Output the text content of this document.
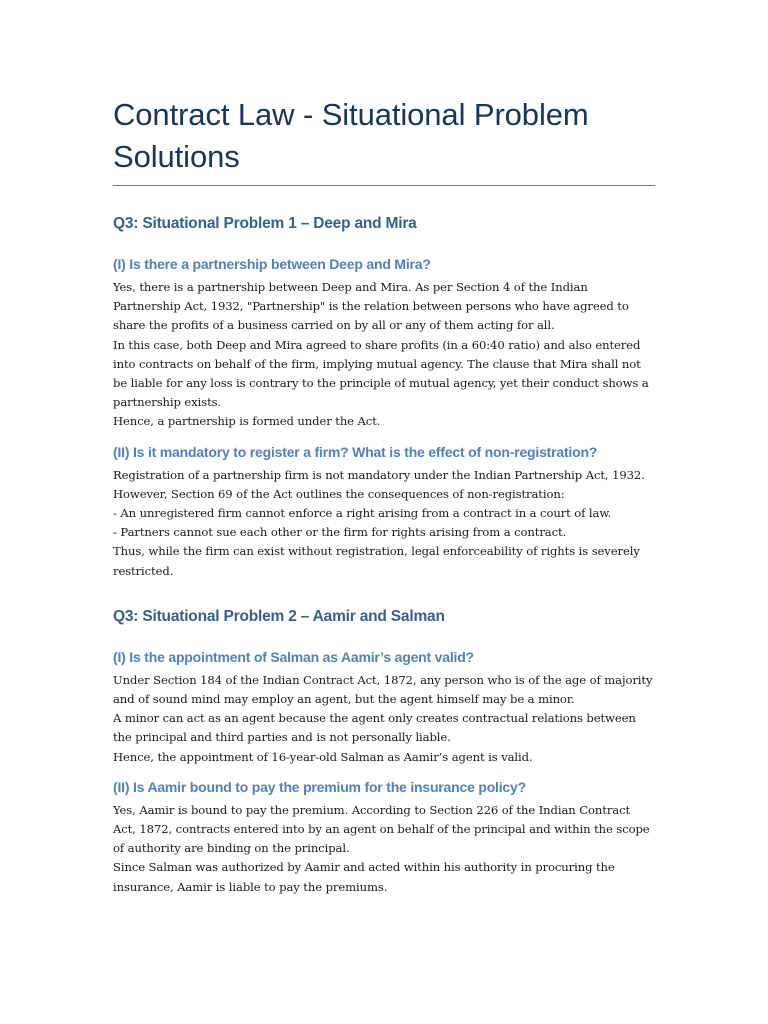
Contract Law - Situational Problem
Solutions
Q3: Situational Problem 1 – Deep and Mira
(I) Is there a partnership between Deep and Mira?

Yes, there is a partnership between Deep and Mira. As per Section 4 of the Indian
Partnership Act, 1932, "Partnership" is the relation between persons who have agreed to
share the profits of a business carried on by all or any of them acting for all.
In this case, both Deep and Mira agreed to share profits (in a 60:40 ratio) and also entered
into contracts on behalf of the firm, implying mutual agency. The clause that Mira shall not
be liable for any loss is contrary to the principle of mutual agency, yet their conduct shows a
partnership exists.
Hence, a partnership is formed under the Act.

(II) Is it mandatory to register a firm? What is the effect of non-registration?

Registration of a partnership firm is not mandatory under the Indian Partnership Act, 1932.
However, Section 69 of the Act outlines the consequences of non-registration:
- An unregistered firm cannot enforce a right arising from a contract in a court of law.
- Partners cannot sue each other or the firm for rights arising from a contract.
Thus, while the firm can exist without registration, legal enforceability of rights is severely
restricted.

Q3: Situational Problem 2 – Aamir and Salman
(I) Is the appointment of Salman as Aamir’s agent valid?

Under Section 184 of the Indian Contract Act, 1872, any person who is of the age of majority
and of sound mind may employ an agent, but the agent himself may be a minor.
A minor can act as an agent because the agent only creates contractual relations between
the principal and third parties and is not personally liable.
Hence, the appointment of 16-year-old Salman as Aamir’s agent is valid.

(II) Is Aamir bound to pay the premium for the insurance policy?

Yes, Aamir is bound to pay the premium. According to Section 226 of the Indian Contract
Act, 1872, contracts entered into by an agent on behalf of the principal and within the scope
of authority are binding on the principal.
Since Salman was authorized by Aamir and acted within his authority in procuring the
insurance, Aamir is liable to pay the premiums.
